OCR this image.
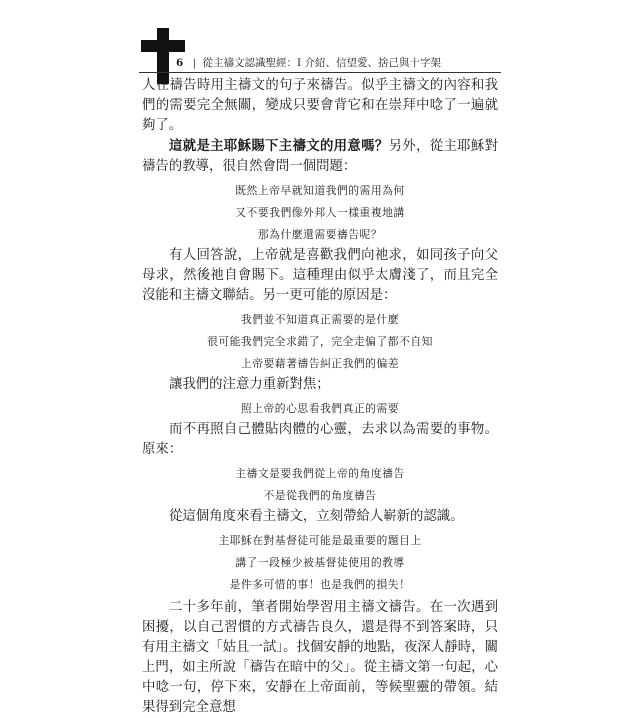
6 | 從主禱文認識聖經：I 介紹、信望愛、捨己與十字架

人在禱告時用主禱文的句子來禱告。似乎主禱文的內容和我們的需要完全無關，變成只要會背它和在崇拜中唸了一遍就夠了。

這就是主耶穌賜下主禱文的用意嗎？另外，從主耶穌對禱告的教導，很自然會問一個問題：

既然上帝早就知道我們的需用為何

又不要我們像外邦人一樣重複地講

那為什麼還需要禱告呢？

有人回答說，上帝就是喜歡我們向祂求，如同孩子向父母求，然後祂自會賜下。這種理由似乎太膚淺了，而且完全沒能和主禱文聯結。另一更可能的原因是：

我們並不知道真正需要的是什麼

很可能我們完全求錯了，完全走偏了都不自知

上帝要藉著禱告糾正我們的偏差

讓我們的注意力重新對焦；

照上帝的心思看我們真正的需要

而不再照自己體貼肉體的心靈，去求以為需要的事物。原來：

主禱文是要我們從上帝的角度禱告

不是從我們的角度禱告

從這個角度來看主禱文，立刻帶給人嶄新的認識。

主耶穌在對基督徒可能是最重要的題目上

講了一段極少被基督徒使用的教導

是件多可惜的事！也是我們的損失！

二十多年前，筆者開始學習用主禱文禱告。在一次遇到困擾，以自己習慣的方式禱告良久，還是得不到答案時，只有用主禱文「姑且一試」。找個安靜的地點，夜深人靜時，關上門，如主所說「禱告在暗中的父」。從主禱文第一句起，心中唸一句，停下來，安靜在上帝面前，等候聖靈的帶領。結果得到完全意想
